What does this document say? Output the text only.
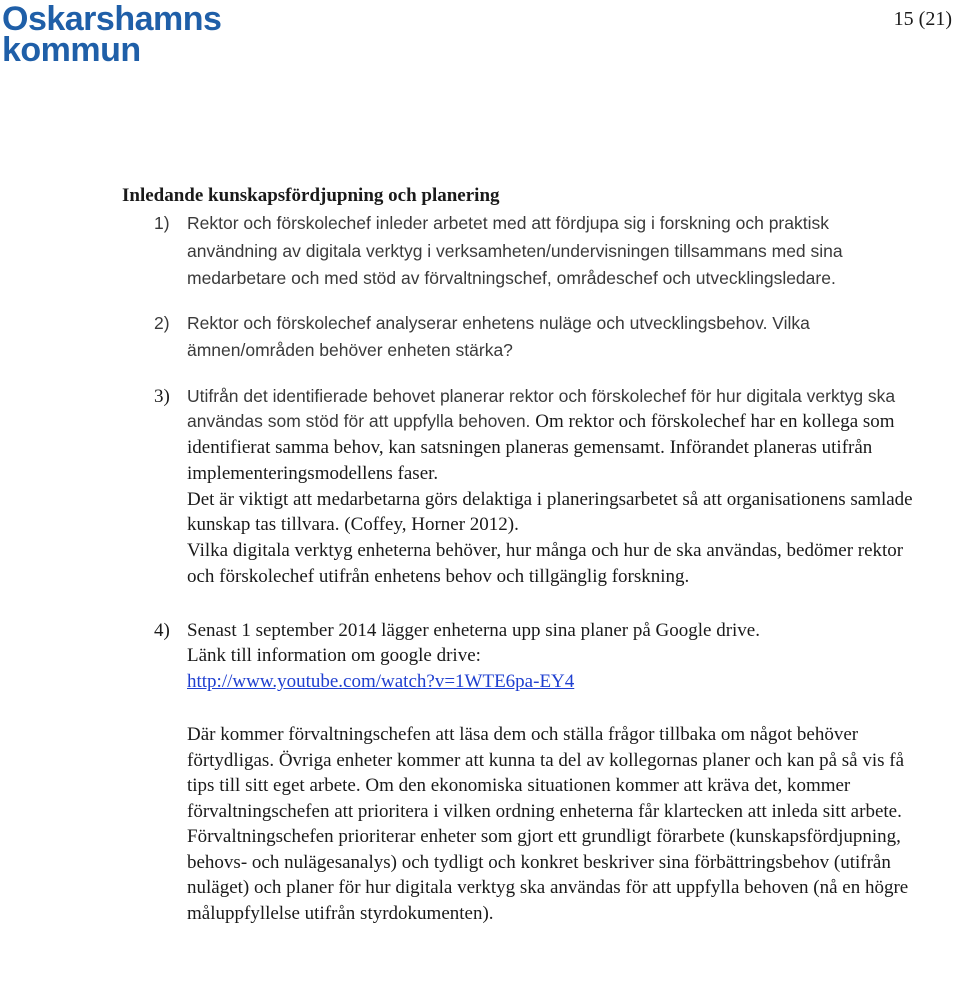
Oskarshamns
kommun
15 (21)

Inledande kunskapsfördjupning och planering

1) Rektor och förskolechef inleder arbetet med att fördjupa sig i forskning och praktisk användning av digitala verktyg i verksamheten/undervisningen tillsammans med sina medarbetare och med stöd av förvaltningschef, områdeschef och utvecklingsledare.

2) Rektor och förskolechef analyserar enhetens nuläge och utvecklingsbehov. Vilka ämnen/områden behöver enheten stärka?

3) Utifrån det identifierade behovet planerar rektor och förskolechef för hur digitala verktyg ska användas som stöd för att uppfylla behoven. Om rektor och förskolechef har en kollega som identifierat samma behov, kan satsningen planeras gemensamt. Införandet planeras utifrån implementeringsmodellens faser.

Det är viktigt att medarbetarna görs delaktiga i planeringsarbetet så att organisationens samlade kunskap tas tillvara. (Coffey, Horner 2012).

Vilka digitala verktyg enheterna behöver, hur många och hur de ska användas, bedömer rektor och förskolechef utifrån enhetens behov och tillgänglig forskning.

4) Senast 1 september 2014 lägger enheterna upp sina planer på Google drive.

Länk till information om google drive:

http://www.youtube.com/watch?v=1WTE6pa-EY4

Där kommer förvaltningschefen att läsa dem och ställa frågor tillbaka om något behöver förtydligas. Övriga enheter kommer att kunna ta del av kollegornas planer och kan på så vis få tips till sitt eget arbete. Om den ekonomiska situationen kommer att kräva det, kommer förvaltningschefen att prioritera i vilken ordning enheterna får klartecken att inleda sitt arbete.

Förvaltningschefen prioriterar enheter som gjort ett grundligt förarbete (kunskapsfördjupning, behovs- och nulägesanalys) och tydligt och konkret beskriver sina förbättringsbehov (utifrån nuläget) och planer för hur digitala verktyg ska användas för att uppfylla behoven (nå en högre måluppfyllelse utifrån styrdokumenten).
